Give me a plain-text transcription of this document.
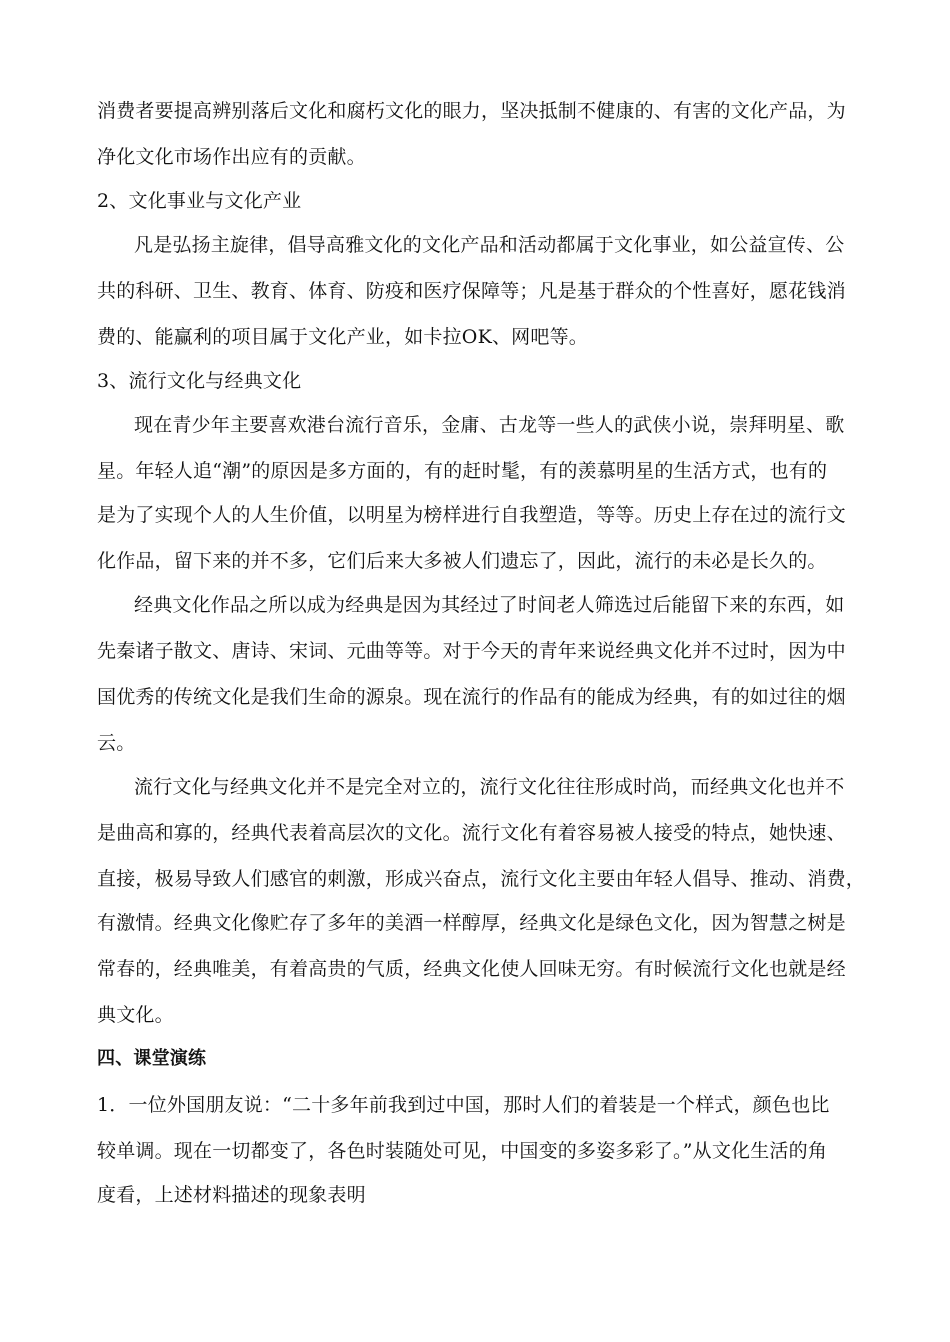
消费者要提高辨别落后文化和腐朽文化的眼力，坚决抵制不健康的、有害的文化产品，为
净化文化市场作出应有的贡献。
2、文化事业与文化产业
凡是弘扬主旋律，倡导高雅文化的文化产品和活动都属于文化事业，如公益宣传、公
共的科研、卫生、教育、体育、防疫和医疗保障等；凡是基于群众的个性喜好，愿花钱消
费的、能赢利的项目属于文化产业，如卡拉OK、网吧等。
3、流行文化与经典文化
现在青少年主要喜欢港台流行音乐，金庸、古龙等一些人的武侠小说，崇拜明星、歌
星。年轻人追“潮”的原因是多方面的，有的赶时髦，有的羡慕明星的生活方式，也有的
是为了实现个人的人生价值，以明星为榜样进行自我塑造，等等。历史上存在过的流行文
化作品，留下来的并不多，它们后来大多被人们遗忘了，因此，流行的未必是长久的。
经典文化作品之所以成为经典是因为其经过了时间老人筛选过后能留下来的东西，如
先秦诸子散文、唐诗、宋词、元曲等等。对于今天的青年来说经典文化并不过时，因为中
国优秀的传统文化是我们生命的源泉。现在流行的作品有的能成为经典，有的如过往的烟
云。
流行文化与经典文化并不是完全对立的，流行文化往往形成时尚，而经典文化也并不
是曲高和寡的，经典代表着高层次的文化。流行文化有着容易被人接受的特点，她快速、
直接，极易导致人们感官的刺激，形成兴奋点，流行文化主要由年轻人倡导、推动、消费，
有激情。经典文化像贮存了多年的美酒一样醇厚，经典文化是绿色文化，因为智慧之树是
常春的，经典唯美，有着高贵的气质，经典文化使人回味无穷。有时候流行文化也就是经
典文化。
四、课堂演练
1．一位外国朋友说：“二十多年前我到过中国，那时人们的着装是一个样式，颜色也比
较单调。现在一切都变了，各色时装随处可见，中国变的多姿多彩了。”从文化生活的角
度看，上述材料描述的现象表明
